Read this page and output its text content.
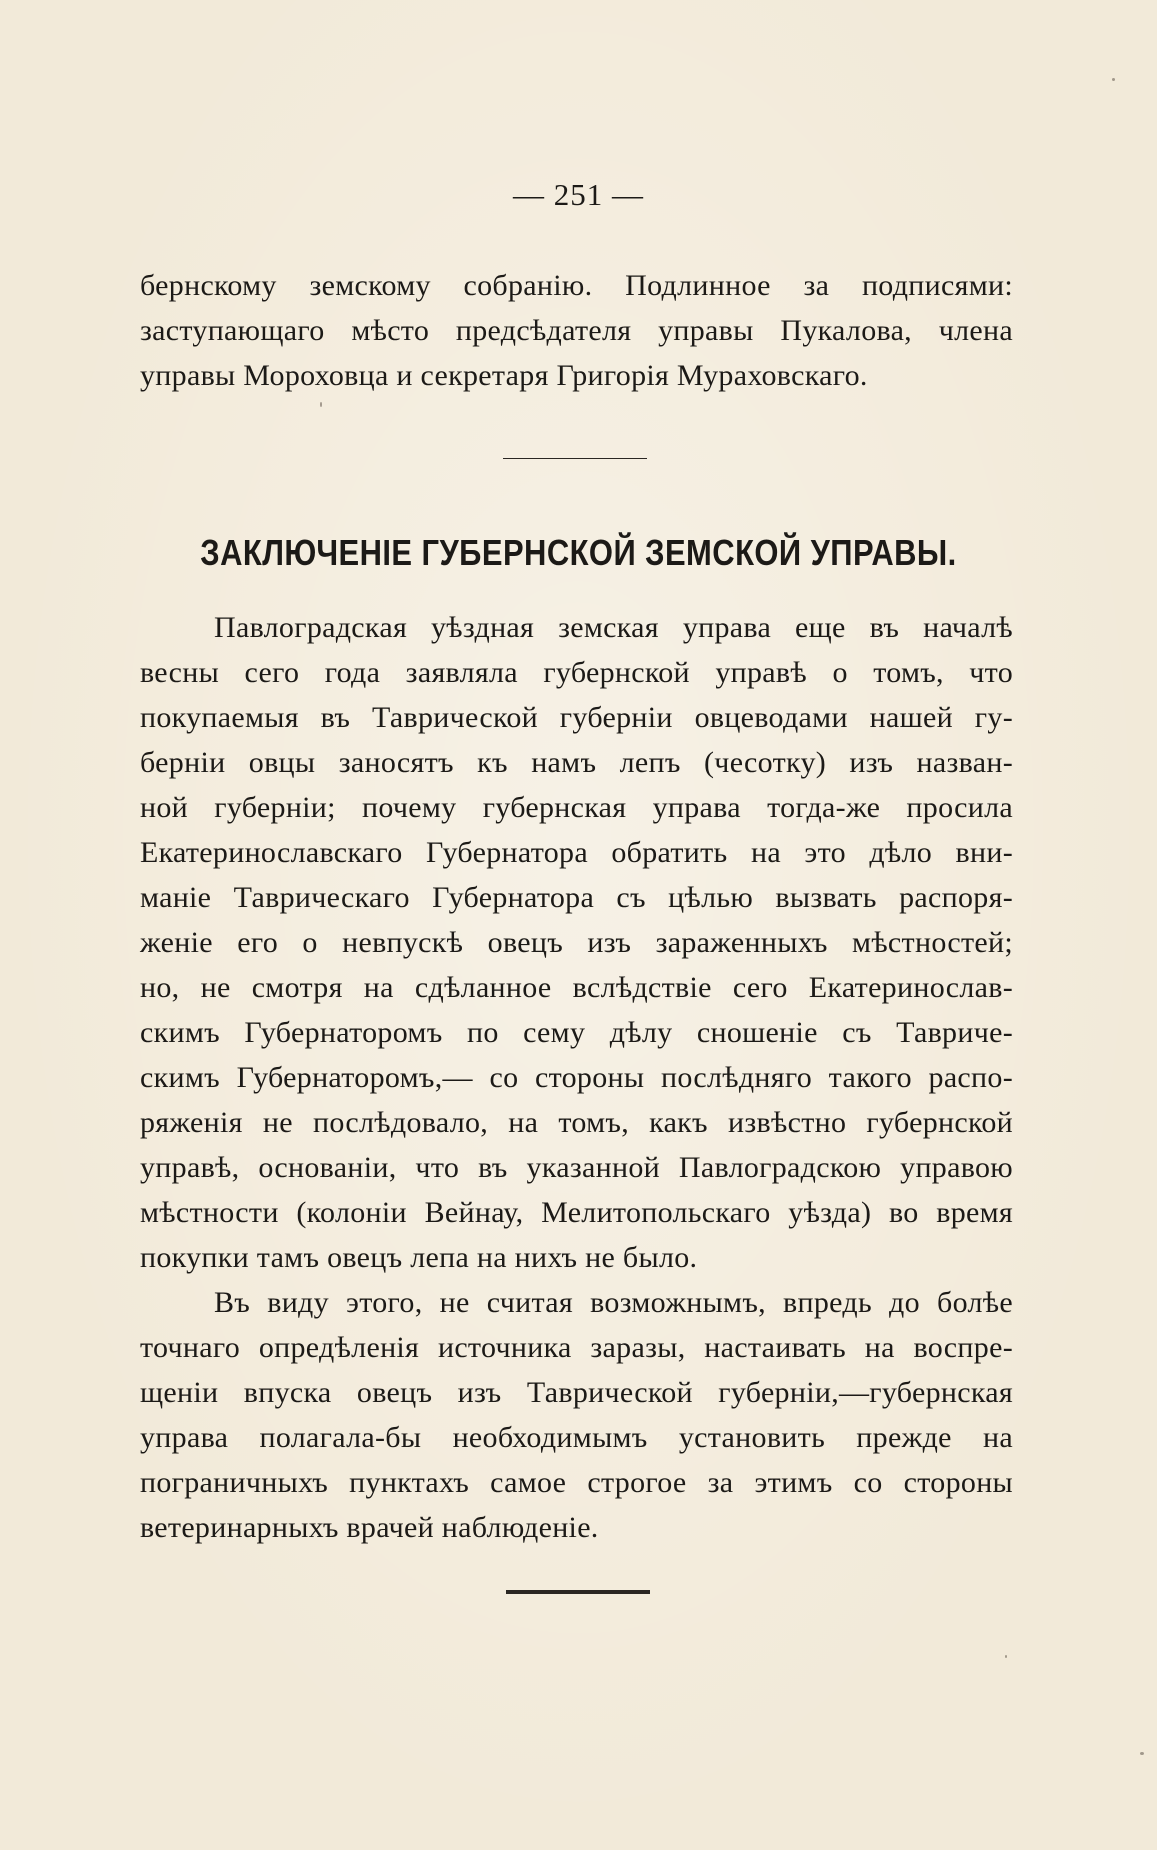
— 251 —
бернскому земскому собранію. Подлинное за подписями:
заступающаго мѣсто предсѣдателя управы Пукалова, члена
управы Мороховца и секретаря Григорія Мураховскаго.
ЗАКЛЮЧЕНІЕ ГУБЕРНСКОЙ ЗЕМСКОЙ УПРАВЫ.
Павлоградская уѣздная земская управа еще въ началѣ
весны сего года заявляла губернской управѣ о томъ, что
покупаемыя въ Таврической губерніи овцеводами нашей гу-
берніи овцы заносятъ къ намъ лепъ (чесотку) изъ назван-
ной губерніи; почему губернская управа тогда-же просила
Екатеринославскаго Губернатора обратить на это дѣло вни-
маніе Таврическаго Губернатора съ цѣлью вызвать распоря-
женіе его о невпускѣ овецъ изъ зараженныхъ мѣстностей;
но, не смотря на сдѣланное вслѣдствіе сего Екатеринослав-
скимъ Губернаторомъ по сему дѣлу сношеніе съ Тавриче-
скимъ Губернаторомъ,— со стороны послѣдняго такого распо-
ряженія не послѣдовало, на томъ, какъ извѣстно губернской
управѣ, основаніи, что въ указанной Павлоградскою управою
мѣстности (колоніи Вейнау, Мелитопольскаго уѣзда) во время
покупки тамъ овецъ лепа на нихъ не было.
Въ виду этого, не считая возможнымъ, впредь до болѣе
точнаго опредѣленія источника заразы, настаивать на воспре-
щеніи впуска овецъ изъ Таврической губерніи,—губернская
управа полагала-бы необходимымъ установить прежде на
пограничныхъ пунктахъ самое строгое за этимъ со стороны
ветеринарныхъ врачей наблюденіе.
